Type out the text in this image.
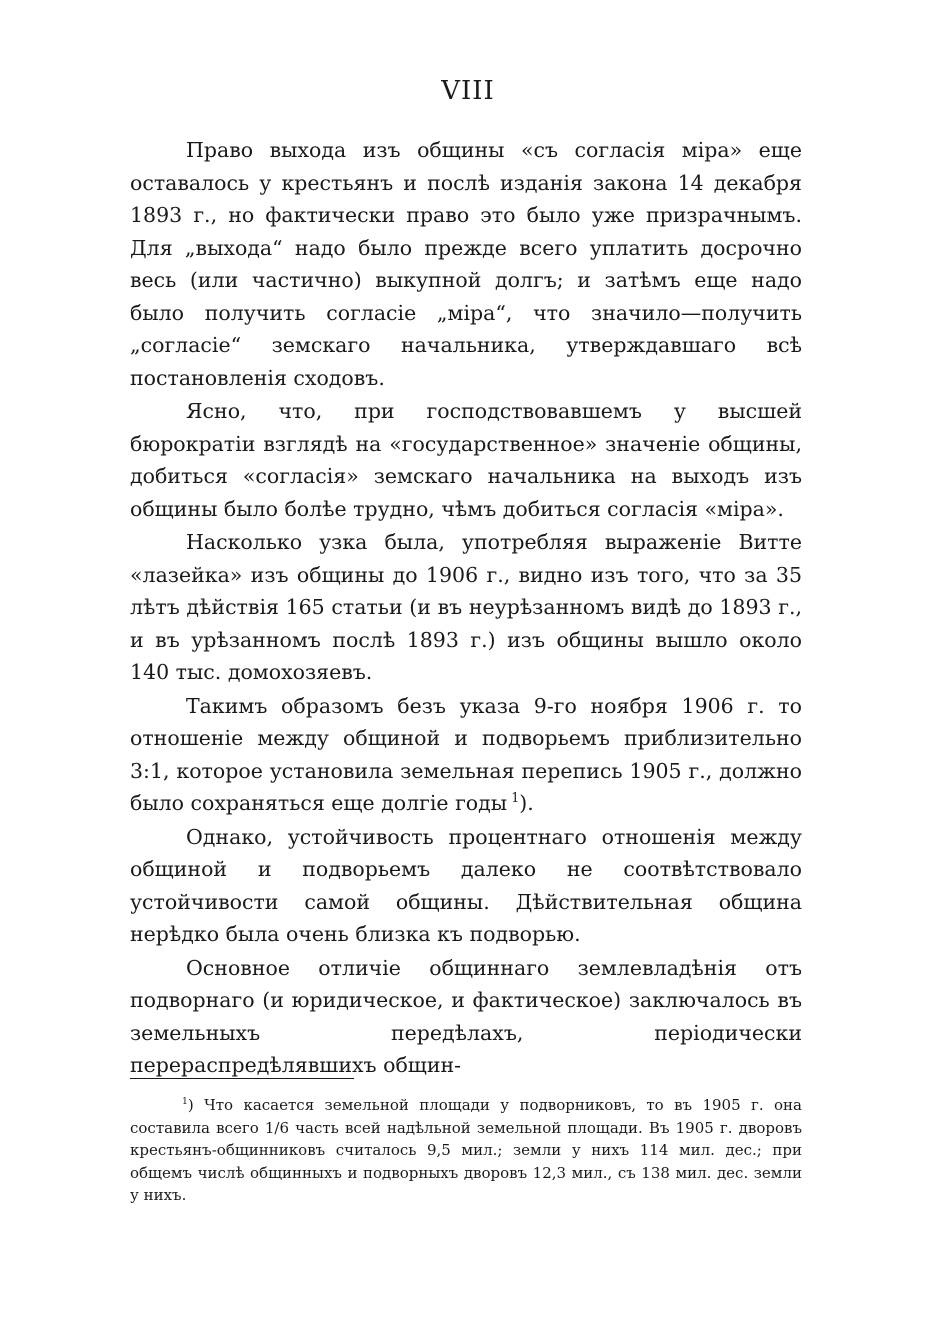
VIII

Право выхода изъ общины «съ согласія міра» еще оставалось у крестьянъ и послѣ изданія закона 14 декабря 1893 г., но фактически право это было уже призрачнымъ. Для „выхода“ надо было прежде всего уплатить досрочно весь (или частично) выкупной долгъ; и затѣмъ еще надо было получить согласіе „міра“, что значило—получить „согласіе“ земскаго начальника, утверждавшаго всѣ постановленія сходовъ.

Ясно, что, при господствовавшемъ у высшей бюрократіи взглядѣ на «государственное» значеніе общины, добиться «согласія» земскаго начальника на выходъ изъ общины было болѣе трудно, чѣмъ добиться согласія «міра».

Насколько узка была, употребляя выраженіе Витте «лазейка» изъ общины до 1906 г., видно изъ того, что за 35 лѣтъ дѣйствія 165 статьи (и въ неурѣзанномъ видѣ до 1893 г., и въ урѣзанномъ послѣ 1893 г.) изъ общины вышло около 140 тыс. домохозяевъ.

Такимъ образомъ безъ указа 9-го ноября 1906 г. то отношеніе между общиной и подворьемъ приблизительно 3:1, которое установила земельная перепись 1905 г., должно было сохраняться еще долгіе годы  $^1$).

Однако, устойчивость процентнаго отношенія между общиной и подворьемъ далеко не соотвѣтствовало устойчивости самой общины. Дѣйствительная община нерѣдко была очень близка къ подворью.

Основное отличіе общиннаго землевладѣнія отъ подворнаго (и юридическое, и фактическое) заключалось въ земельныхъ передѣлахъ, періодически перераспредѣлявшихъ общин-

$^1$) Что касается земельной площади у подворниковъ, то въ 1905 г. она составила всего 1/6 часть всей надѣльной земельной площади. Въ 1905 г. дворовъ крестьянъ-общинниковъ считалось 9,5 мил.; земли у нихъ 114 мил. дес.; при общемъ числѣ общинныхъ и подворныхъ дворовъ 12,3 мил., съ 138 мил. дес. земли у нихъ.
